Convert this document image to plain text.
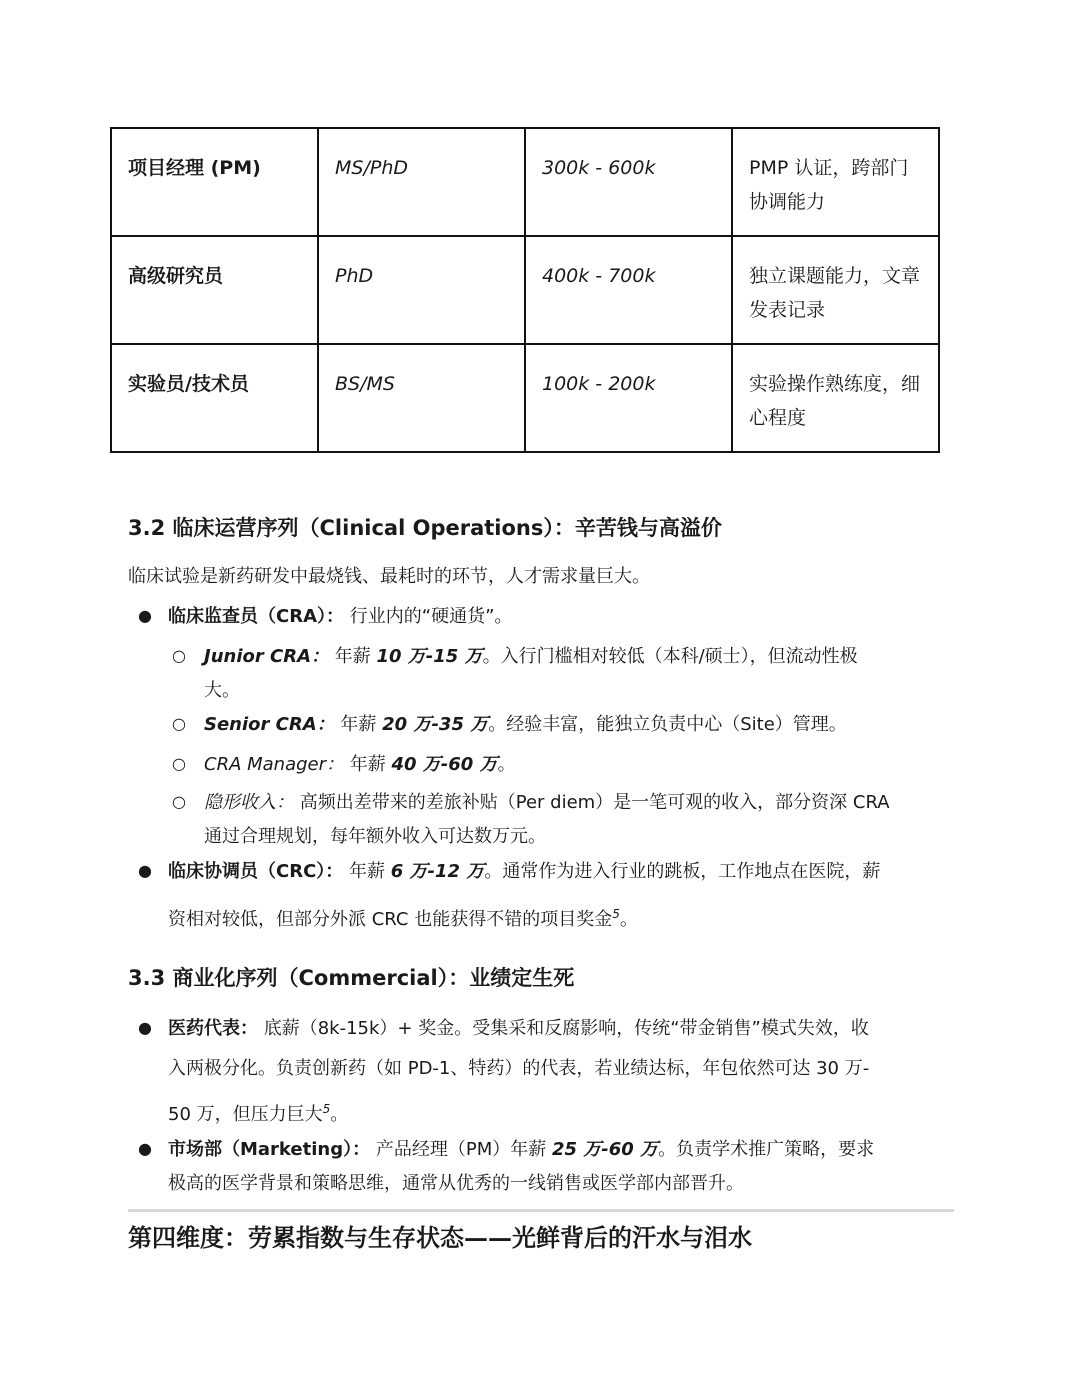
项目经理 (PM)	MS/PhD	300k - 600k	PMP 认证，跨部门
协调能力
高级研究员	PhD	400k - 700k	独立课题能力，文章
发表记录
实验员/技术员	BS/MS	100k - 200k	实验操作熟练度，细
心程度
3.2 临床运营序列（Clinical Operations）：辛苦钱与高溢价
临床试验是新药研发中最烧钱、最耗时的环节，人才需求量巨大。
● 临床监查员（CRA）： 行业内的“硬通货”。
○ Junior CRA： 年薪 10 万-15 万。入行门槛相对较低（本科/硕士），但流动性极
大。
○ Senior CRA： 年薪 20 万-35 万。经验丰富，能独立负责中心（Site）管理。
○ CRA Manager： 年薪 40 万-60 万。
○ 隐形收入： 高频出差带来的差旅补贴（Per diem）是一笔可观的收入，部分资深 CRA
通过合理规划，每年额外收入可达数万元。
● 临床协调员（CRC）： 年薪 6 万-12 万。通常作为进入行业的跳板，工作地点在医院，薪
资相对较低，但部分外派 CRC 也能获得不错的项目奖金$^5$。
3.3 商业化序列（Commercial）：业绩定生死
● 医药代表： 底薪（8k-15k）+ 奖金。受集采和反腐影响，传统“带金销售”模式失效，收
入两极分化。负责创新药（如 PD-1、特药）的代表，若业绩达标，年包依然可达 30 万-
50 万，但压力巨大$^5$。
● 市场部（Marketing）： 产品经理（PM）年薪 25 万-60 万。负责学术推广策略，要求
极高的医学背景和策略思维，通常从优秀的一线销售或医学部内部晋升。
第四维度：劳累指数与生存状态——光鲜背后的汗水与泪水
